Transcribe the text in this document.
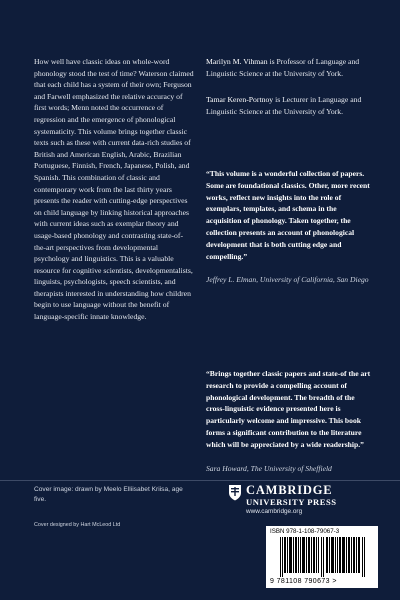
How well have classic ideas on whole-word phonology stood the test of time? Waterson claimed that each child has a system of their own; Ferguson and Farwell emphasized the relative accuracy of first words; Menn noted the occurrence of regression and the emergence of phonological systematicity. This volume brings together classic texts such as these with current data-rich studies of British and American English, Arabic, Brazilian Portuguese, Finnish, French, Japanese, Polish, and Spanish. This combination of classic and contemporary work from the last thirty years presents the reader with cutting-edge perspectives on child language by linking historical approaches with current ideas such as exemplar theory and usage-based phonology and contrasting state-of-the-art perspectives from developmental psychology and linguistics. This is a valuable resource for cognitive scientists, developmentalists, linguists, psychologists, speech scientists, and therapists interested in understanding how children begin to use language without the benefit of language-specific innate knowledge.

Marilyn M. Vihman is Professor of Language and Linguistic Science at the University of York.

Tamar Keren-Portnoy is Lecturer in Language and Linguistic Science at the University of York.

“This volume is a wonderful collection of papers. Some are foundational classics. Other, more recent works, reflect new insights into the role of exemplars, templates, and schema in the acquisition of phonology. Taken together, the collection presents an account of phonological development that is both cutting edge and compelling.”
Jeffrey L. Elman, University of California, San Diego
“Brings together classic papers and state-of the art research to provide a compelling account of phonological development. The breadth of the cross-linguistic evidence presented here is particularly welcome and impressive. This book forms a significant contribution to the literature which will be appreciated by a wide readership.”
Sara Howard, The University of Sheffield
Cover image: drawn by Meelo Elliisabet Kriisa, age five.
Cover designed by Hart McLeod Ltd
CAMBRIDGE
UNIVERSITY PRESS
www.cambridge.org
ISBN 978-1-108-79067-3
9 781108 790673 >
